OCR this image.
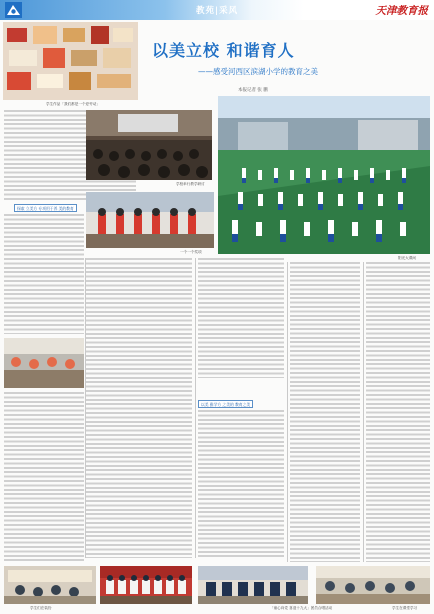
教苑|采风	天津教育报
学生作品「我们都是一个爱劳动」
以美立校 和谐育人
——感受河西区滨湖小学的教育之美
本报记者 张 鹏
学校举行教学研讨
阳光大课间
探索 立美方 专项用于养 美的教育
一个一个奖项
以美 雅学方 之美的 教育之美
学生们在装扮	「童心向党 喜迎十九大」团员合唱活动	学生在课堂学习
